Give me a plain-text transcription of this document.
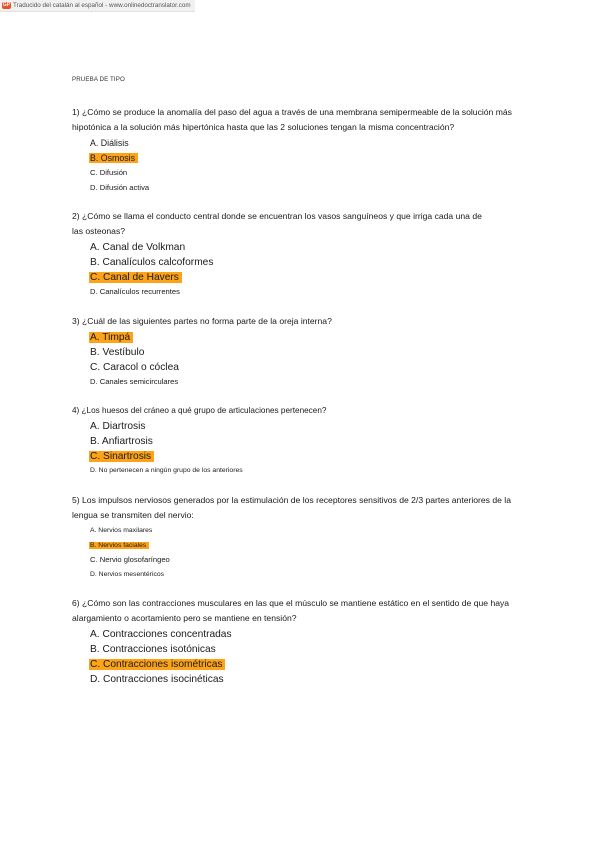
GP Traducido del catalán al español - www.onlinedoctranslator.com
PRUEBA DE TIPO
1) ¿Cómo se produce la anomalía del paso del agua a través de una membrana semipermeable de la solución más hipotónica a la solución más hipertónica hasta que las 2 soluciones tengan la misma concentración?
A. Diálisis
B. Osmosis
C. Difusión
D. Difusión activa
2) ¿Cómo se llama el conducto central donde se encuentran los vasos sanguíneos y que irriga cada una de las osteonas?
A. Canal de Volkman
B. Canalículos calcoformes
C. Canal de Havers
D. Canalículos recurrentes
3) ¿Cuál de las siguientes partes no forma parte de la oreja interna?
A. Timpá
B. Vestíbulo
C. Caracol o cóclea
D. Canales semicirculares
4) ¿Los huesos del cráneo a qué grupo de articulaciones pertenecen?
A. Diartrosis
B. Anfiartrosis
C. Sinartrosis
D. No pertenecen a ningún grupo de los anteriores
5) Los impulsos nerviosos generados por la estimulación de los receptores sensitivos de 2/3 partes anteriores de la lengua se transmiten del nervio:
A. Nervios maxilares
B. Nervios faciales
C. Nervio glosofaríngeo
D. Nervios mesentéricos
6) ¿Cómo son las contracciones musculares en las que el músculo se mantiene estático en el sentido de que haya alargamiento o acortamiento pero se mantiene en tensión?
A. Contracciones concentradas
B. Contracciones isotónicas
C. Contracciones isométricas
D. Contracciones isocinéticas
